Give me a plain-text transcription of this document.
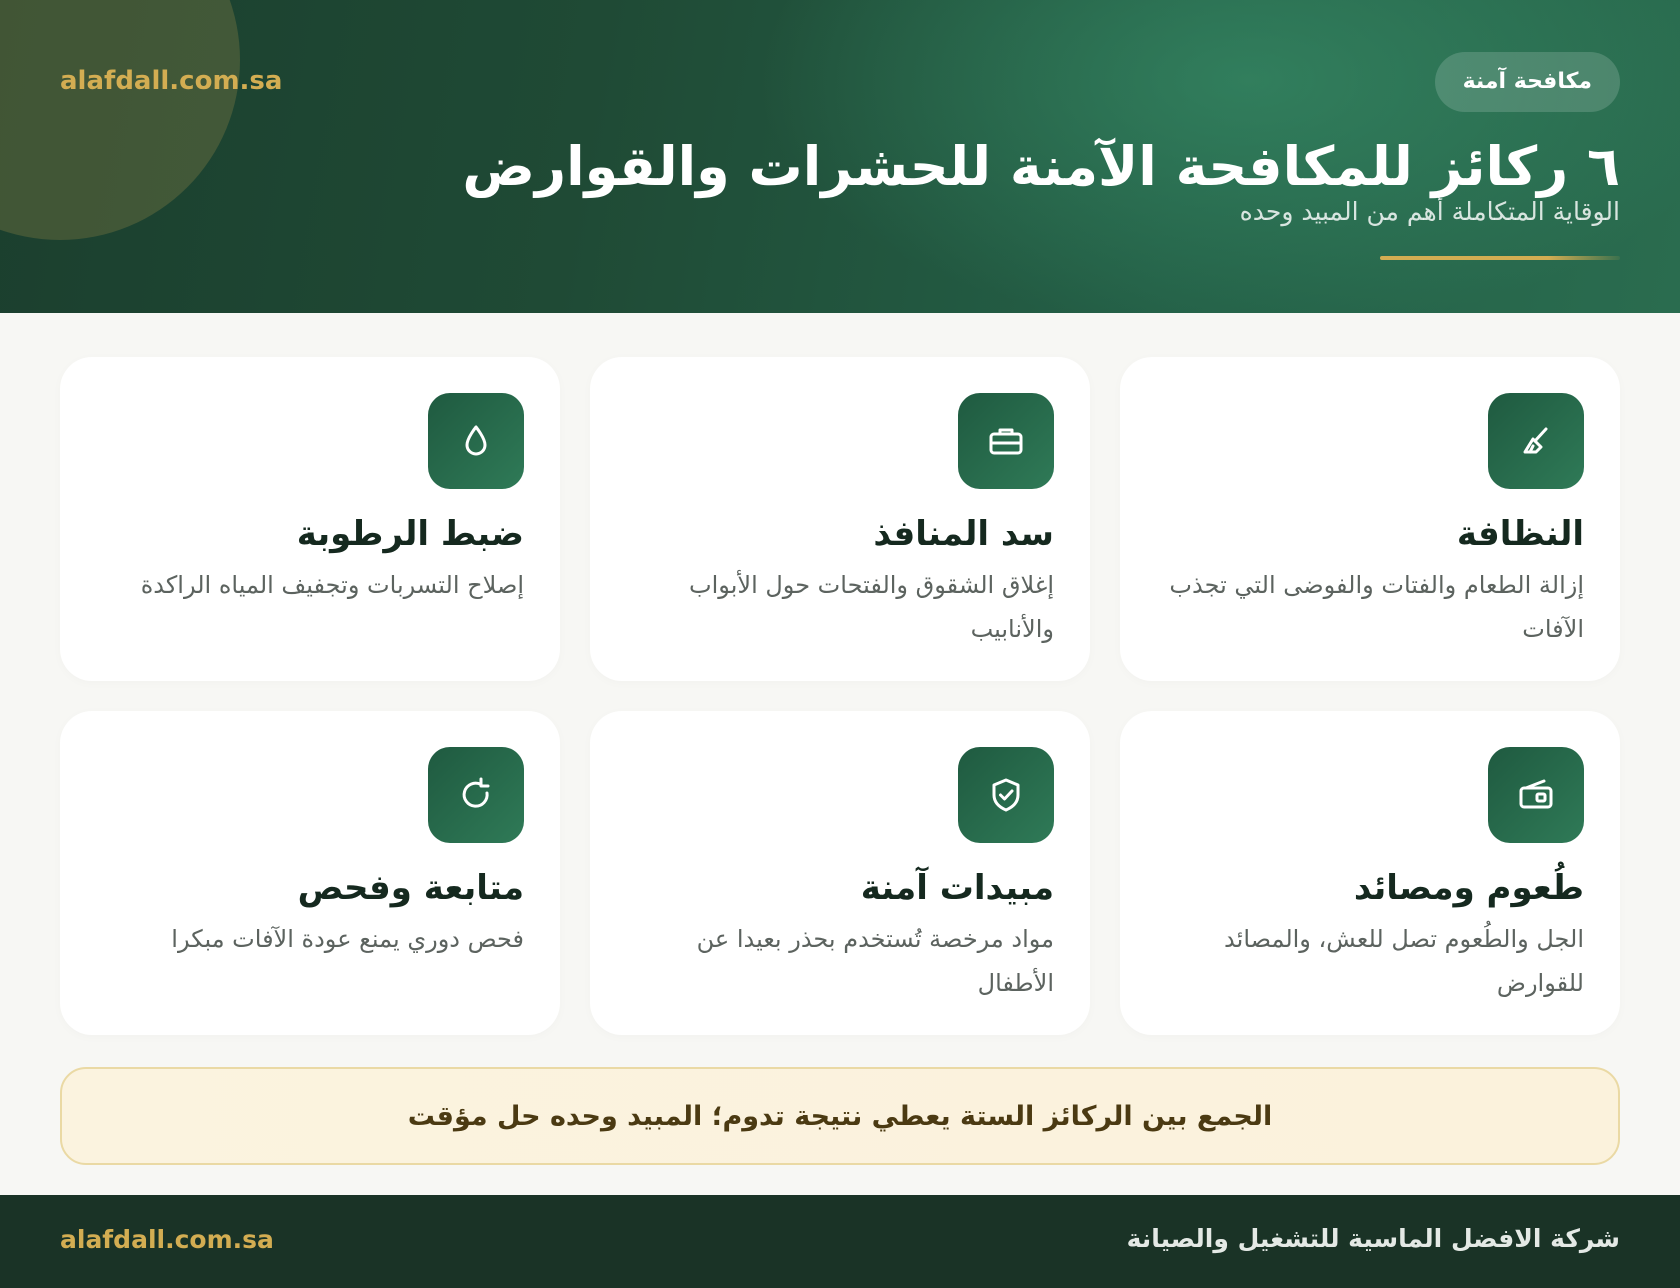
alafdall.com.sa	مكافحة آمنة
٦ ركائز للمكافحة الآمنة للحشرات والقوارض
الوقاية المتكاملة أهم من المبيد وحده
النظافة
إزالة الطعام والفتات والفوضى التي تجذب الآفات
سد المنافذ
إغلاق الشقوق والفتحات حول الأبواب والأنابيب
ضبط الرطوبة
إصلاح التسربات وتجفيف المياه الراكدة
طُعوم ومصائد
الجل والطُعوم تصل للعش، والمصائد للقوارض
مبيدات آمنة
مواد مرخصة تُستخدم بحذر بعيدا عن الأطفال
متابعة وفحص
فحص دوري يمنع عودة الآفات مبكرا
الجمع بين الركائز الستة يعطي نتيجة تدوم؛ المبيد وحده حل مؤقت
alafdall.com.sa	شركة الافضل الماسية للتشغيل والصيانة
